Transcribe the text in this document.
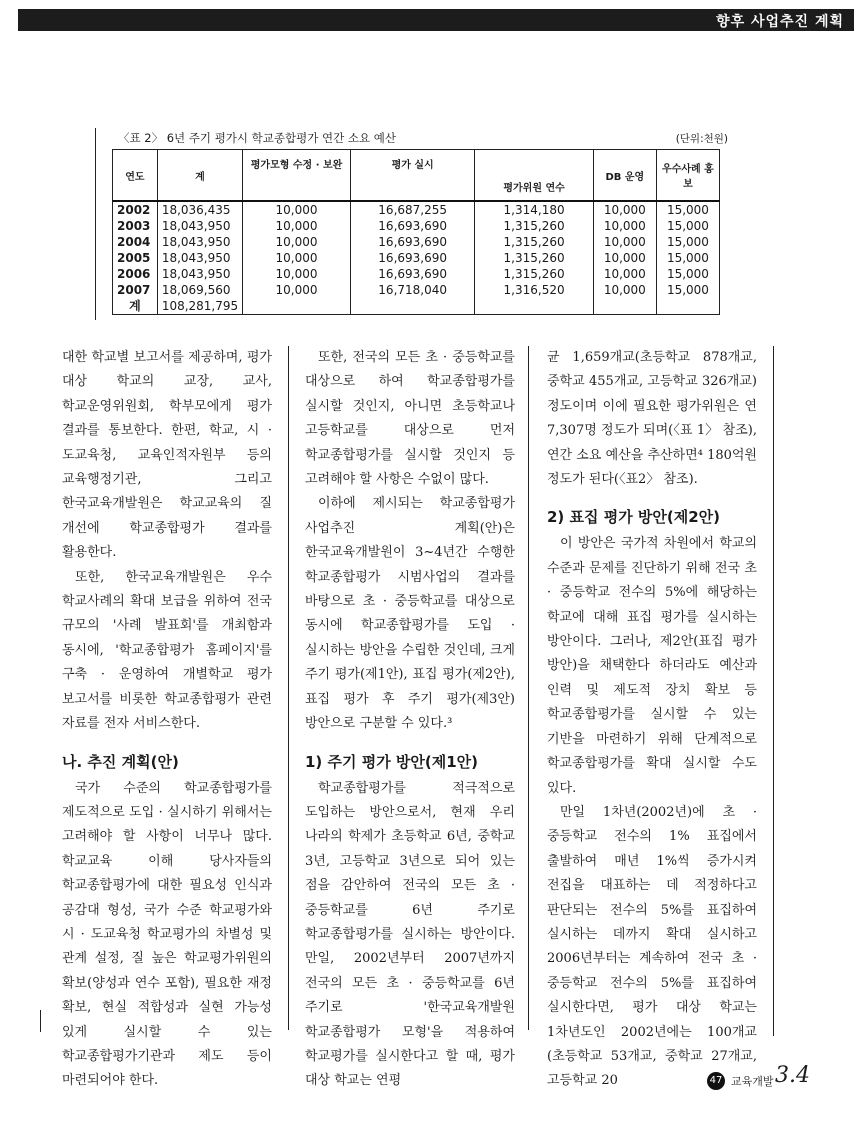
향후 사업추진 계획
〈표 2〉 6년 주기 평가시 학교종합평가 연간 소요 예산	(단위:천원)
연도	계	평가모형 수정 · 보완	평가 실시	평가위원 연수	DB 운영	우수사례 홍보
2002	18,036,435	10,000	16,687,255	1,314,180	10,000	15,000
2003	18,043,950	10,000	16,693,690	1,315,260	10,000	15,000
2004	18,043,950	10,000	16,693,690	1,315,260	10,000	15,000
2005	18,043,950	10,000	16,693,690	1,315,260	10,000	15,000
2006	18,043,950	10,000	16,693,690	1,315,260	10,000	15,000
2007	18,069,560	10,000	16,718,040	1,316,520	10,000	15,000
계	108,281,795					

대한 학교별 보고서를 제공하며, 평가 대상 학교의 교장, 교사, 학교운영위원회, 학부모에게 평가 결과를 통보한다. 한편, 학교, 시 · 도교육청, 교육인적자원부 등의 교육행정기관, 그리고 한국교육개발원은 학교교육의 질 개선에 학교종합평가 결과를 활용한다.

또한, 한국교육개발원은 우수 학교사례의 확대 보급을 위하여 전국 규모의 '사례 발표회'를 개최함과 동시에, '학교종합평가 홈페이지'를 구축 · 운영하여 개별학교 평가 보고서를 비롯한 학교종합평가 관련 자료를 전자 서비스한다.

나. 추진 계획(안)

국가 수준의 학교종합평가를 제도적으로 도입 · 실시하기 위해서는 고려해야 할 사항이 너무나 많다. 학교교육 이해 당사자들의 학교종합평가에 대한 필요성 인식과 공감대 형성, 국가 수준 학교평가와 시 · 도교육청 학교평가의 차별성 및 관계 설정, 질 높은 학교평가위원의 확보(양성과 연수 포함), 필요한 재정 확보, 현실 적합성과 실현 가능성 있게 실시할 수 있는 학교종합평가기관과 제도 등이 마련되어야 한다.

또한, 전국의 모든 초 · 중등학교를 대상으로 하여 학교종합평가를 실시할 것인지, 아니면 초등학교나 고등학교를 대상으로 먼저 학교종합평가를 실시할 것인지 등 고려해야 할 사항은 수없이 많다.

이하에 제시되는 학교종합평가 사업추진 계획(안)은 한국교육개발원이 3~4년간 수행한 학교종합평가 시범사업의 결과를 바탕으로 초 · 중등학교를 대상으로 동시에 학교종합평가를 도입 · 실시하는 방안을 수립한 것인데, 크게 주기 평가(제1안), 표집 평가(제2안), 표집 평가 후 주기 평가(제3안) 방안으로 구분할 수 있다.³

1) 주기 평가 방안(제1안)

학교종합평가를 적극적으로 도입하는 방안으로서, 현재 우리 나라의 학제가 초등학교 6년, 중학교 3년, 고등학교 3년으로 되어 있는 점을 감안하여 전국의 모든 초 · 중등학교를 6년 주기로 학교종합평가를 실시하는 방안이다. 만일, 2002년부터 2007년까지 전국의 모든 초 · 중등학교를 6년 주기로 '한국교육개발원 학교종합평가 모형'을 적용하여 학교평가를 실시한다고 할 때, 평가 대상 학교는 연평

균 1,659개교(초등학교 878개교, 중학교 455개교, 고등학교 326개교) 정도이며 이에 필요한 평가위원은 연 7,307명 정도가 되며(〈표 1〉 참조), 연간 소요 예산을 추산하면⁴ 180억원 정도가 된다(〈표2〉 참조).

2) 표집 평가 방안(제2안)

이 방안은 국가적 차원에서 학교의 수준과 문제를 진단하기 위해 전국 초 · 중등학교 전수의 5%에 해당하는 학교에 대해 표집 평가를 실시하는 방안이다. 그러나, 제2안(표집 평가 방안)을 채택한다 하더라도 예산과 인력 및 제도적 장치 확보 등 학교종합평가를 실시할 수 있는 기반을 마련하기 위해 단계적으로 학교종합평가를 확대 실시할 수도 있다.

만일 1차년(2002년)에 초 · 중등학교 전수의 1% 표집에서 출발하여 매년 1%씩 증가시켜 전집을 대표하는 데 적정하다고 판단되는 전수의 5%를 표집하여 실시하는 데까지 확대 실시하고 2006년부터는 계속하여 전국 초 · 중등학교 전수의 5%를 표집하여 실시한다면, 평가 대상 학교는 1차년도인 2002년에는 100개교(초등학교 53개교, 중학교 27개교, 고등학교 20	47 교육개발 3.4
